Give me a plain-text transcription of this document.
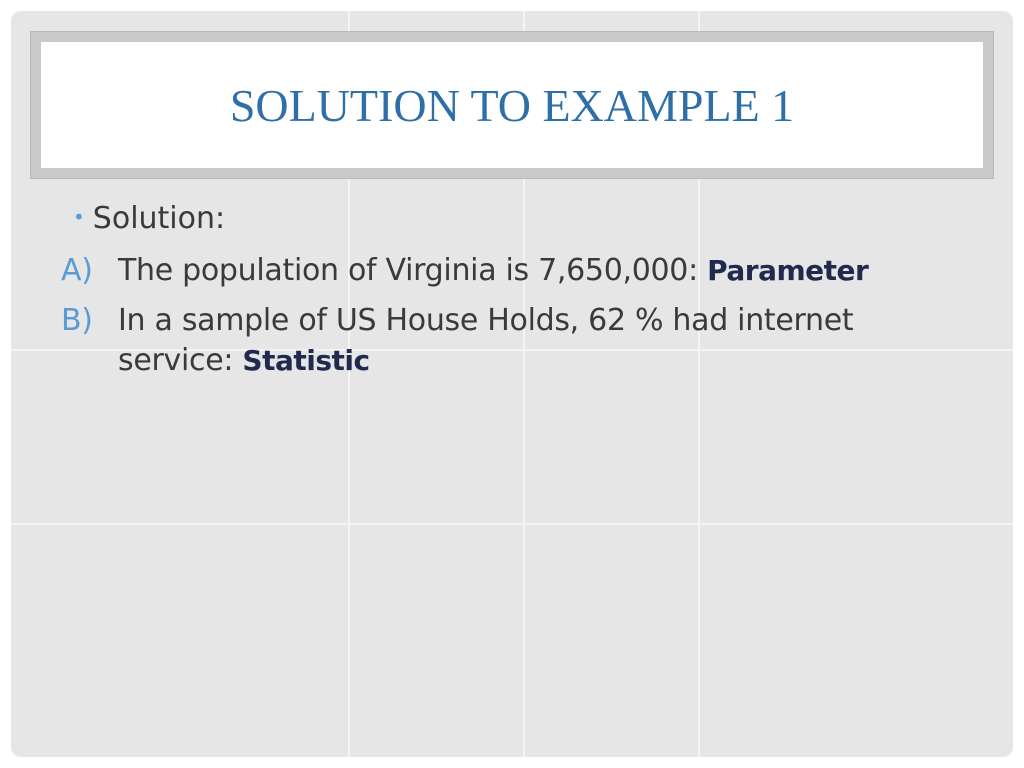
SOLUTION TO EXAMPLE 1
• Solution:
A) The population of Virginia is 7,650,000: Parameter
B) In a sample of US House Holds, 62 % had internet
service: Statistic
